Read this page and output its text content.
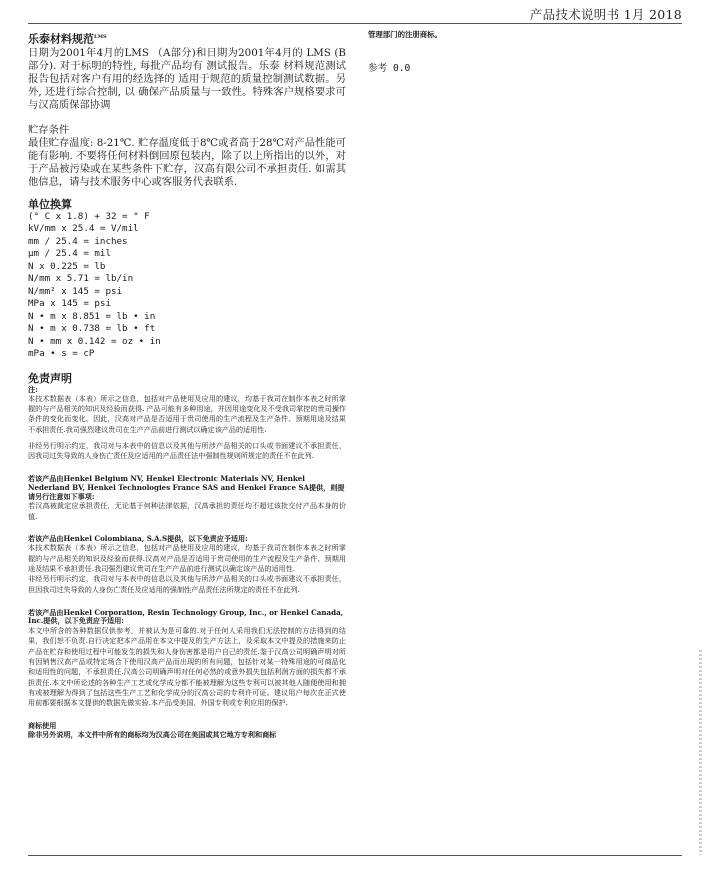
产品技术说明书 1月 2018
乐泰材料规范$^{LMS}$

日期为2001年4月的LMS （A部分)和日期为2001年4月的 LMS (B部分). 对于标明的特性, 每批产品均有 测试报告。乐泰 材料规范测试报告包括对客户有用的经选择的 适用于规范的质量控制测试数据。另外, 还进行综合控制, 以 确保产品质量与一致性。特殊客户规格要求可与汉高质保部协调

贮存条件

最佳贮存温度: 8-21℃. 贮存温度低于8℃或者高于28℃对产品性能可能有影响. 不要将任何材料倒回原包装内，除了以上所指出的以外，对于产品被污染或在某些条件下贮存，汉高有限公司不承担责任. 如需其他信息，请与技术服务中心或客服务代表联系.

单位换算

(° C x 1.8) + 32 = ° F

kV/mm x 25.4 = V/mil

mm / 25.4 = inches

µm / 25.4 = mil

N x 0.225 = lb

N/mm x 5.71 = lb/in

N/mm² x 145 = psi

MPa x 145 = psi

N • m x 8.851 = lb • in

N • m x 0.738 = lb • ft

N • mm x 0.142 = oz • in

mPa • s = cP

免责声明

注:

本技术数据表（本表）所示之信息，包括对产品使用及应用的建议，均基于我司在制作本表之时所掌握的与产品相关的知识及经验而获得. 产品可能有多种用途，并因用途变化及不受我司掌控的贵司操作条件的变化而变化。因此，汉高对产品是否适用于贵司使用的生产流程及生产条件、预期用途及结果不承担责任.我司强烈建议贵司在生产产品前进行测试以确定该产品的适用性.

非经另行明示约定，我司对与本表中的信息以及其他与所涉产品相关的口头或书面建议不承担责任，因我司过失导致的人身伤亡责任及应适用的产品责任法中强制性规则所规定的责任不在此列.

若该产品由Henkel Belgium NV, Henkel Electronic Materials NV, Henkel Nederland BV, Henkel Technologies France SAS and Henkel France SA提供，则提请另行注意如下事项:

若汉高被裁定应承担责任，无论基于何种法律依据，汉高承担的责任均不超过该批交付产品本身的价值.

若该产品由Henkel Colombiana, S.A.S提供，以下免责应予适用:

本技术数据表（本表）所示之信息，包括对产品使用及应用的建议，均基于我司在制作本表之时所掌握的与产品相关的知识及经验而获得.汉高对产品是否适用于贵司使用的生产流程及生产条件、预期用途及结果不承担责任.我司强烈建议贵司在生产产品前进行测试以确定该产品的适用性.

非经另行明示约定，我司对与本表中的信息以及其他与所涉产品相关的口头或书面建议不承担责任，但因我司过失导致的人身伤亡责任及应适用的强制性产品责任法所规定的责任不在此列.

若该产品由Henkel Corporation, Resin Technology Group, Inc., or Henkel Canada, Inc.提供，以下免责应予适用:

本文中所含的各种数据仅供参考，并被认为是可靠的.对于任何人采用我们无法控制的方法得到的结果，我们恕不负责.自行决定把本产品用在本文中提及的生产方法上，及采取本文中提及的措施来防止产品在贮存和使用过程中可能发生的损失和人身伤害都是用户自己的责任.鉴于汉高公司明确声明对所有因销售汉高产品或特定场合下使用汉高产品而出现的所有问题，包括针对某一特殊用途的可商品化和适用性的问题，不承担责任.汉高公司明确声明对任何必然的或意外损失包括利润方面的损失都不承担责任.本文中所论述的各种生产工艺或化学成分都不能被理解为这些专利可以被其他人随便使用和拥有或被理解为得到了包括这些生产工艺和化学成分的汉高公司的专利许可证。建议用户每次在正式使用前都要根据本文提供的数据先做实验.本产品受美国、外国专利或专利应用的保护.

商标使用

除非另外说明，本文件中所有的商标均为汉高公司在美国或其它地方专利和商标

管理部门的注册商标。

参考 0.0
